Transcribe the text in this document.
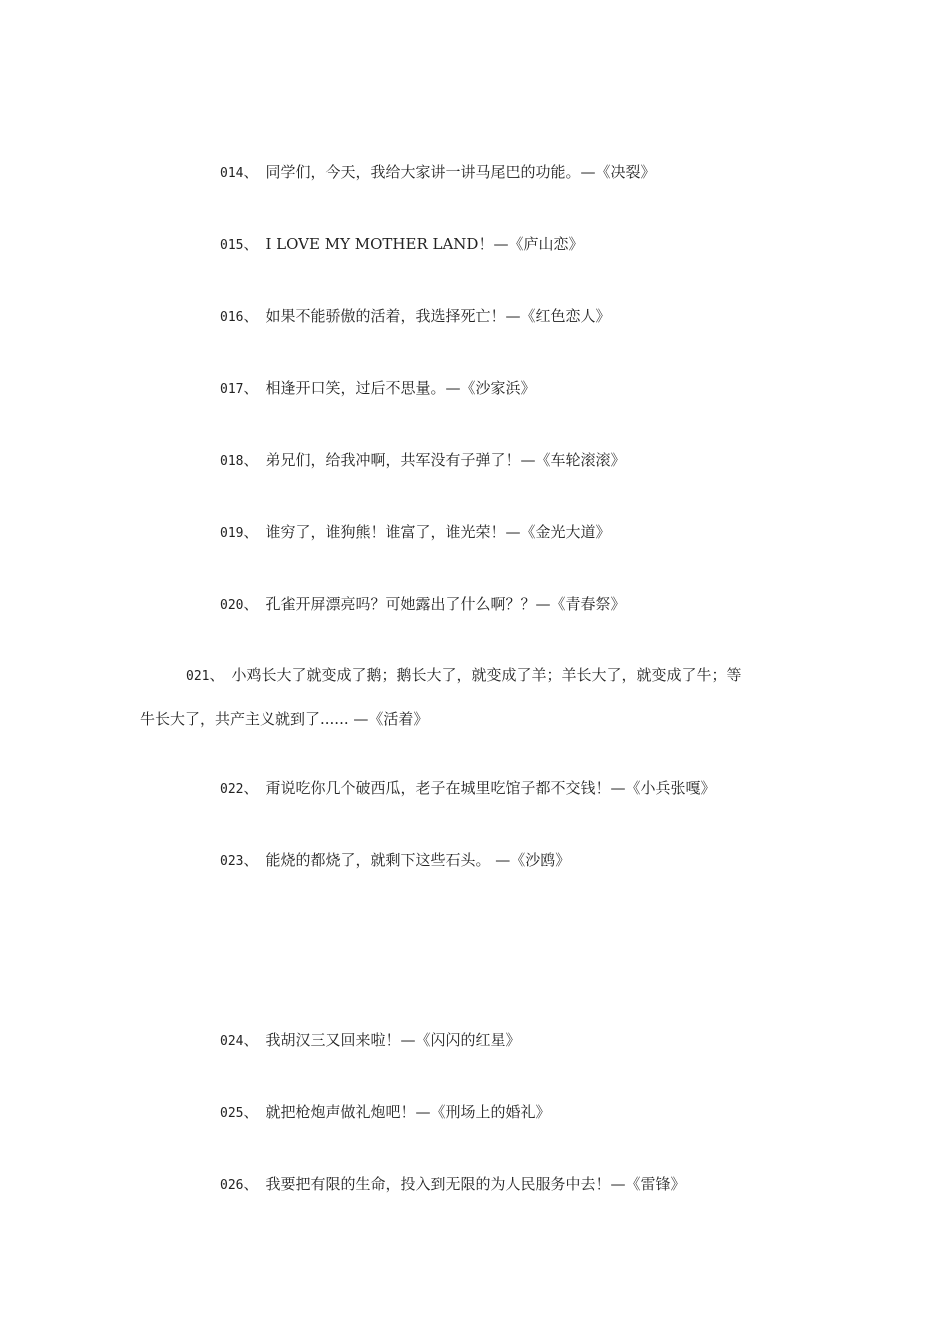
014、 同学们，今天，我给大家讲一讲马尾巴的功能。—《决裂》
015、 I LOVE MY MOTHER LAND！—《庐山恋》
016、 如果不能骄傲的活着，我选择死亡！—《红色恋人》
017、 相逢开口笑，过后不思量。—《沙家浜》
018、 弟兄们，给我冲啊，共军没有子弹了！—《车轮滚滚》
019、 谁穷了，谁狗熊！谁富了，谁光荣！—《金光大道》
020、 孔雀开屏漂亮吗？可她露出了什么啊？？—《青春祭》
021、 小鸡长大了就变成了鹅；鹅长大了，就变成了羊；羊长大了，就变成了牛；等
牛长大了，共产主义就到了...... —《活着》
022、 甭说吃你几个破西瓜，老子在城里吃馆子都不交钱！—《小兵张嘎》
023、 能烧的都烧了，就剩下这些石头。 —《沙鸥》
024、 我胡汉三又回来啦！—《闪闪的红星》
025、 就把枪炮声做礼炮吧！—《刑场上的婚礼》
026、 我要把有限的生命，投入到无限的为人民服务中去！—《雷锋》
